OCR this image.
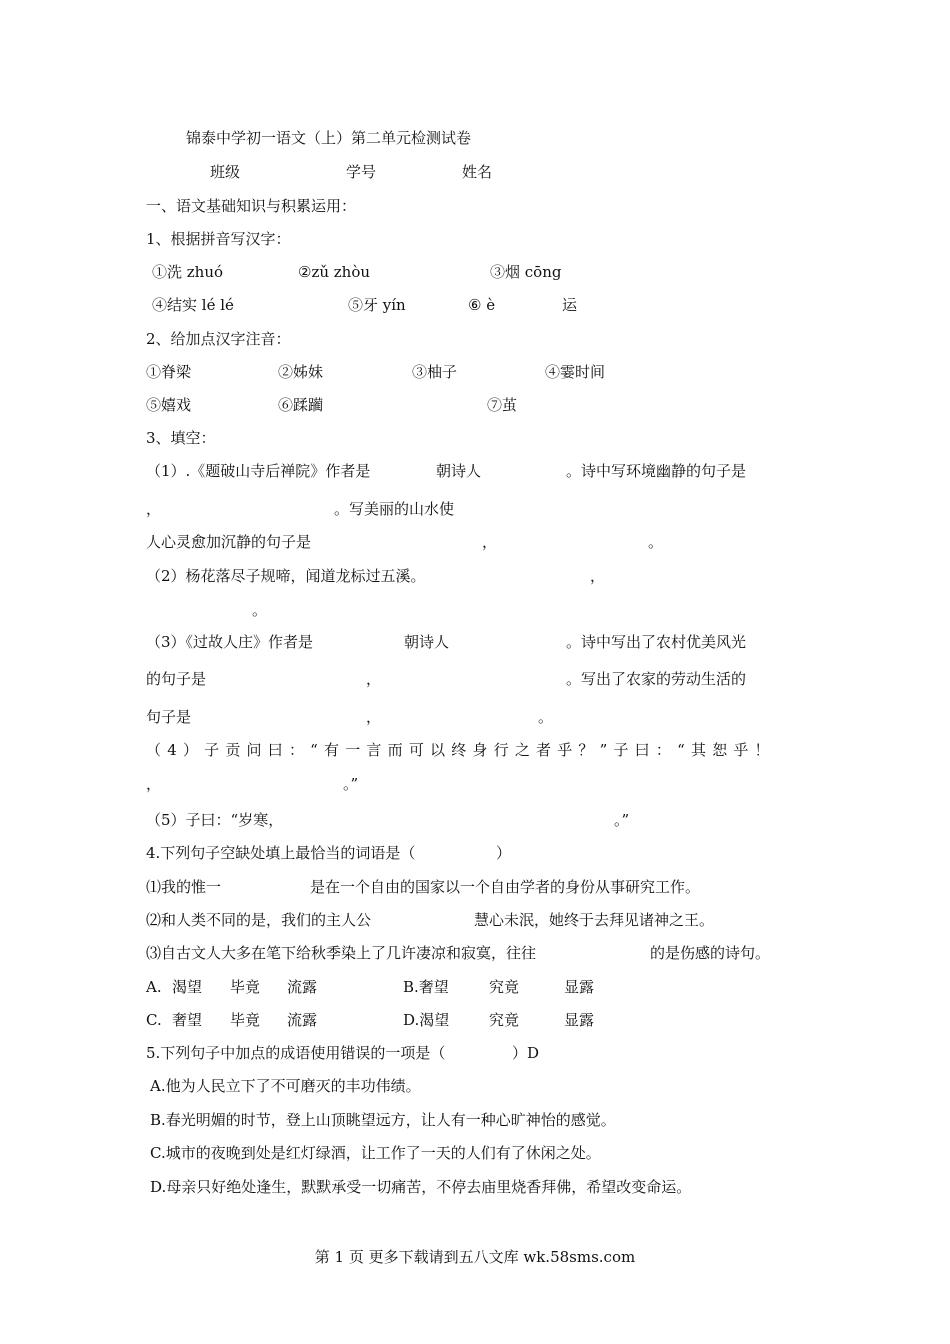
锦泰中学初一语文（上）第二单元检测试卷
班级	学号	姓名
一、语文基础知识与积累运用：
1、根据拼音写汉字：
①洗 zhuó	②zǔ zhòu	③烟 cōng
④结实 lé lé	⑤牙 yín	⑥ è	运
2、给加点汉字注音：
①脊梁	②姊妹	③柚子	④霎时间
⑤嬉戏	⑥蹂躏	⑦茧
3、填空：
（1）.《题破山寺后禅院》作者是	朝诗人	。诗中写环境幽静的句子是
，	。写美丽的山水使
人心灵愈加沉静的句子是	，	。
（2）杨花落尽子规啼，闻道龙标过五溪。	，
。
（3）《过故人庄》作者是	朝诗人	。诗中写出了农村优美风光
的句子是	，	。写出了农家的劳动生活的
句子是	，	。
（4）子贡问曰：“有一言而可以终身行之者乎？”子曰：“其恕乎！
，	。”
（5）子曰：“岁寒，	。”
4.下列句子空缺处填上最恰当的词语是（	）
⑴我的惟一	是在一个自由的国家以一个自由学者的身份从事研究工作。
⑵和人类不同的是，我们的主人公	慧心未泯，她终于去拜见诸神之王。
⑶自古文人大多在笔下给秋季染上了几许凄凉和寂寞，往往	的是伤感的诗句。
A. 渴望 毕竟 流露	B.奢望	究竟	显露
C. 奢望 毕竟 流露	D.渴望	究竟	显露
5.下列句子中加点的成语使用错误的一项是（	）D
A.他为人民立下了不可磨灭的丰功伟绩。
B.春光明媚的时节，登上山顶眺望远方，让人有一种心旷神怡的感觉。
C.城市的夜晚到处是红灯绿酒，让工作了一天的人们有了休闲之处。
D.母亲只好绝处逢生，默默承受一切痛苦，不停去庙里烧香拜佛，希望改变命运。
第 1 页 更多下载请到五八文库 wk.58sms.com
